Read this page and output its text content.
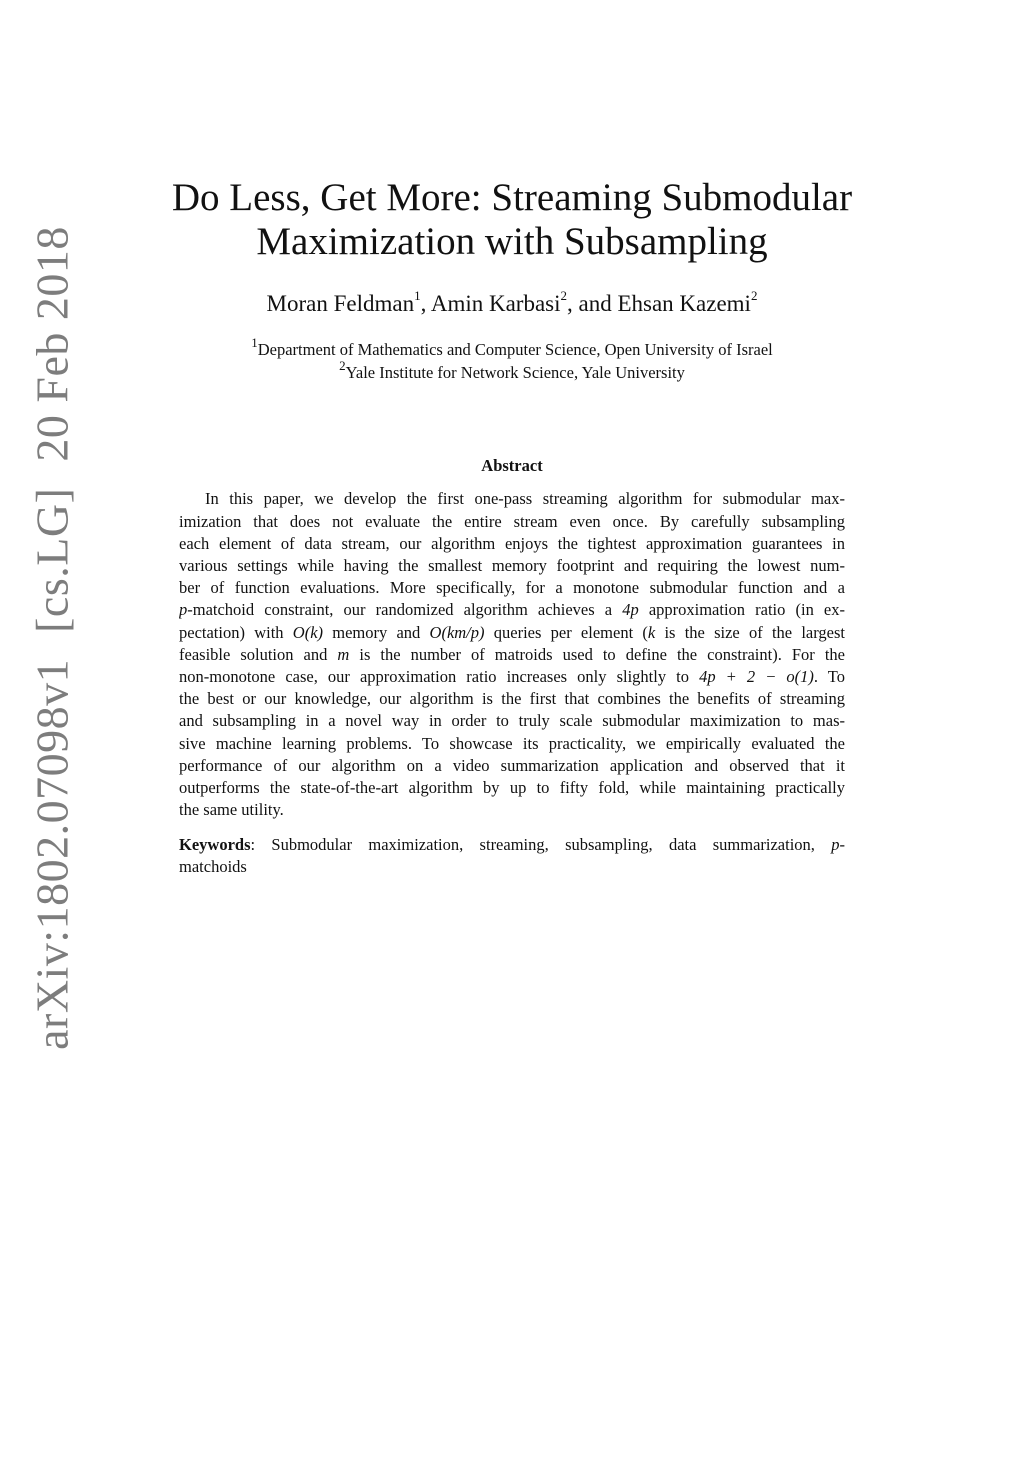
arXiv:1802.07098v1[cs.LG]20 Feb 2018
Do Less, Get More: Streaming Submodular
Maximization with Subsampling
Moran Feldman$^1$, Amin Karbasi$^2$, and Ehsan Kazemi$^2$
$^1$Department of Mathematics and Computer Science, Open University of Israel
$^2$Yale Institute for Network Science, Yale University
Abstract
In this paper, we develop the first one-pass streaming algorithm for submodular max-
imization that does not evaluate the entire stream even once. By carefully subsampling
each element of data stream, our algorithm enjoys the tightest approximation guarantees in
various settings while having the smallest memory footprint and requiring the lowest num-
ber of function evaluations. More specifically, for a monotone submodular function and a
p-matchoid constraint, our randomized algorithm achieves a 4p approximation ratio (in ex-
pectation) with O(k) memory and O(km/p) queries per element (k is the size of the largest
feasible solution and m is the number of matroids used to define the constraint). For the
non-monotone case, our approximation ratio increases only slightly to 4p + 2 − o(1). To
the best or our knowledge, our algorithm is the first that combines the benefits of streaming
and subsampling in a novel way in order to truly scale submodular maximization to mas-
sive machine learning problems. To showcase its practicality, we empirically evaluated the
performance of our algorithm on a video summarization application and observed that it
outperforms the state-of-the-art algorithm by up to fifty fold, while maintaining practically
the same utility.
Keywords: Submodular maximization, streaming, subsampling, data summarization, p-
matchoids
